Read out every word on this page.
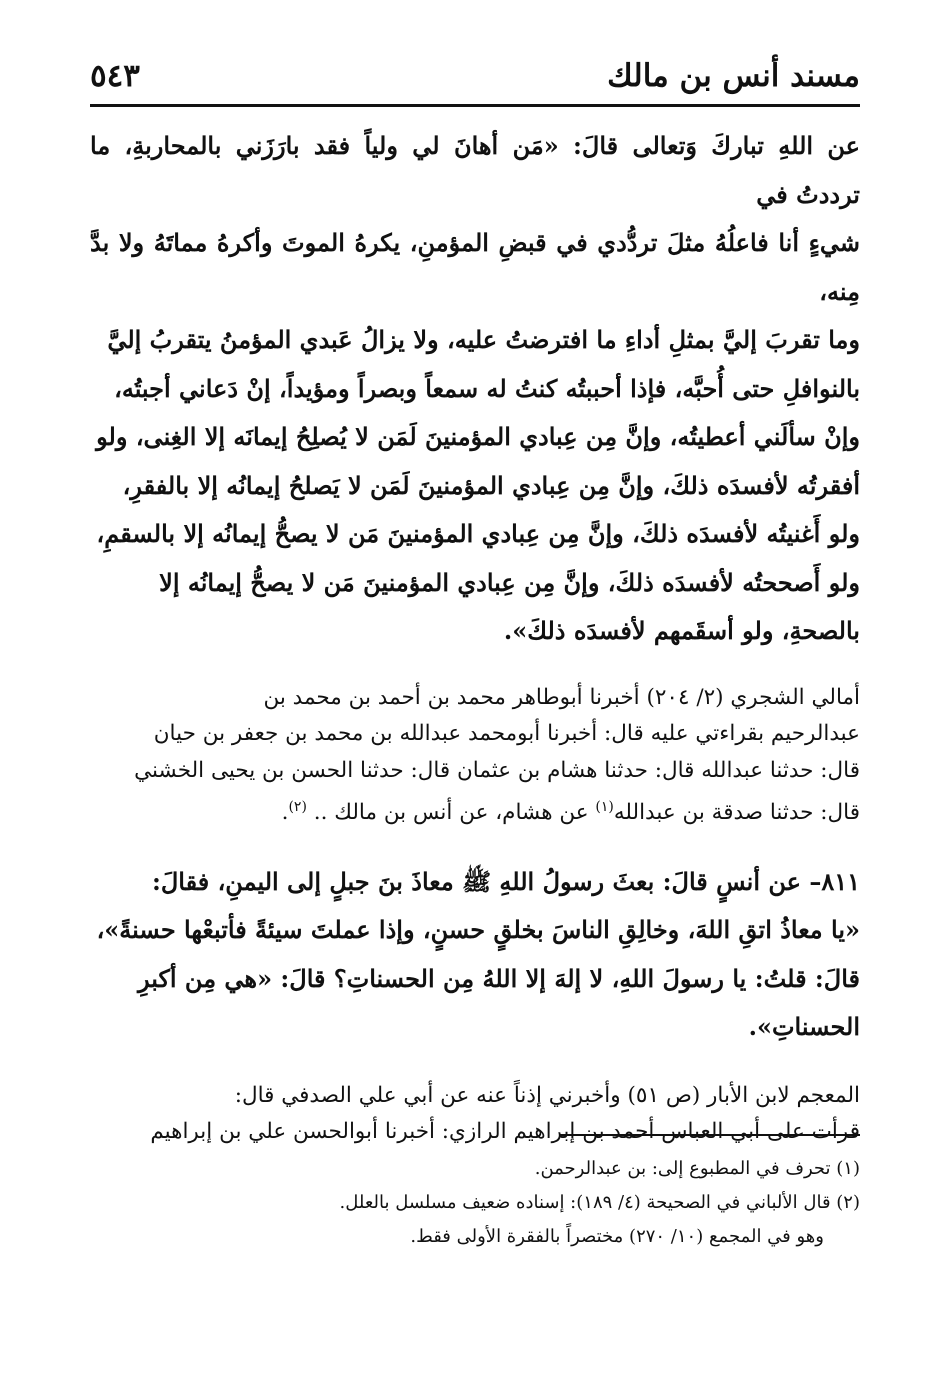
مسند أنس بن مالك
٥٤٣

عن اللهِ تباركَ وَتعالى قالَ: «مَن أهانَ لي ولياً فقد بارَزَني بالمحاربةِ، ما ترددتُ في
شيءٍ أنا فاعلُهُ مثلَ تردُّدي في قبضِ المؤمنِ، يكرهُ الموتَ وأكرهُ مماتَهُ ولا بدَّ مِنه،
وما تقربَ إليَّ بمثلِ أداءِ ما افترضتُ عليه، ولا يزالُ عَبدي المؤمنُ يتقربُ إليَّ
بالنوافلِ حتى أُحبَّه، فإذا أحببتُه كنتُ له سمعاً وبصراً ومؤيداً، إنْ دَعاني أجبتُه،
وإنْ سألَني أعطيتُه، وإنَّ مِن عِبادي المؤمنينَ لَمَن لا يُصلِحُ إيمانَه إلا الغِنى، ولو
أفقرتُه لأفسدَه ذلكَ، وإنَّ مِن عِبادي المؤمنينَ لَمَن لا يَصلحُ إيمانُه إلا بالفقرِ،
ولو أَغنيتُه لأفسدَه ذلكَ، وإنَّ مِن عِبادي المؤمنينَ مَن لا يصحُّ إيمانُه إلا بالسقمِ،
ولو أَصححتُه لأفسدَه ذلكَ، وإنَّ مِن عِبادي المؤمنينَ مَن لا يصحُّ إيمانُه إلا
بالصحةِ، ولو أسقَمهم لأفسدَه ذلكَ».

أمالي الشجري (٢/ ٢٠٤) أخبرنا أبوطاهر محمد بن أحمد بن محمد بن
عبدالرحيم بقراءتي عليه قال: أخبرنا أبومحمد عبدالله بن محمد بن جعفر بن حيان
قال: حدثنا عبدالله قال: حدثنا هشام بن عثمان قال: حدثنا الحسن بن يحيى الخشني
قال: حدثنا صدقة بن عبدالله$^{(١)}$ عن هشام، عن أنس بن مالك .. $^{(٢)}$.

٨١١– عن أنسٍ قالَ: بعثَ رسولُ اللهِ ﷺ معاذَ بنَ جبلٍ إلى اليمنِ، فقالَ:
«يا معاذُ اتقِ اللهَ، وخالِقِ الناسَ بخلقٍ حسنٍ، وإذا عملتَ سيئةً فأتبعْها حسنةً»،
قالَ: قلتُ: يا رسولَ اللهِ، لا إلهَ إلا اللهُ مِن الحسناتِ؟ قالَ: «هي مِن أكبرِ
الحسناتِ».

المعجم لابن الأبار (ص ٥١) وأخبرني إذناً عنه عن أبي علي الصدفي قال:
قرأت على أبي العباس أحمد بن إبراهيم الرازي: أخبرنا أبوالحسن علي بن إبراهيم

(١) تحرف في المطبوع إلى: بن عبدالرحمن.

(٢) قال الألباني في الصحيحة (٤/ ١٨٩): إسناده ضعيف مسلسل بالعلل.

وهو في المجمع (١٠/ ٢٧٠) مختصراً بالفقرة الأولى فقط.
